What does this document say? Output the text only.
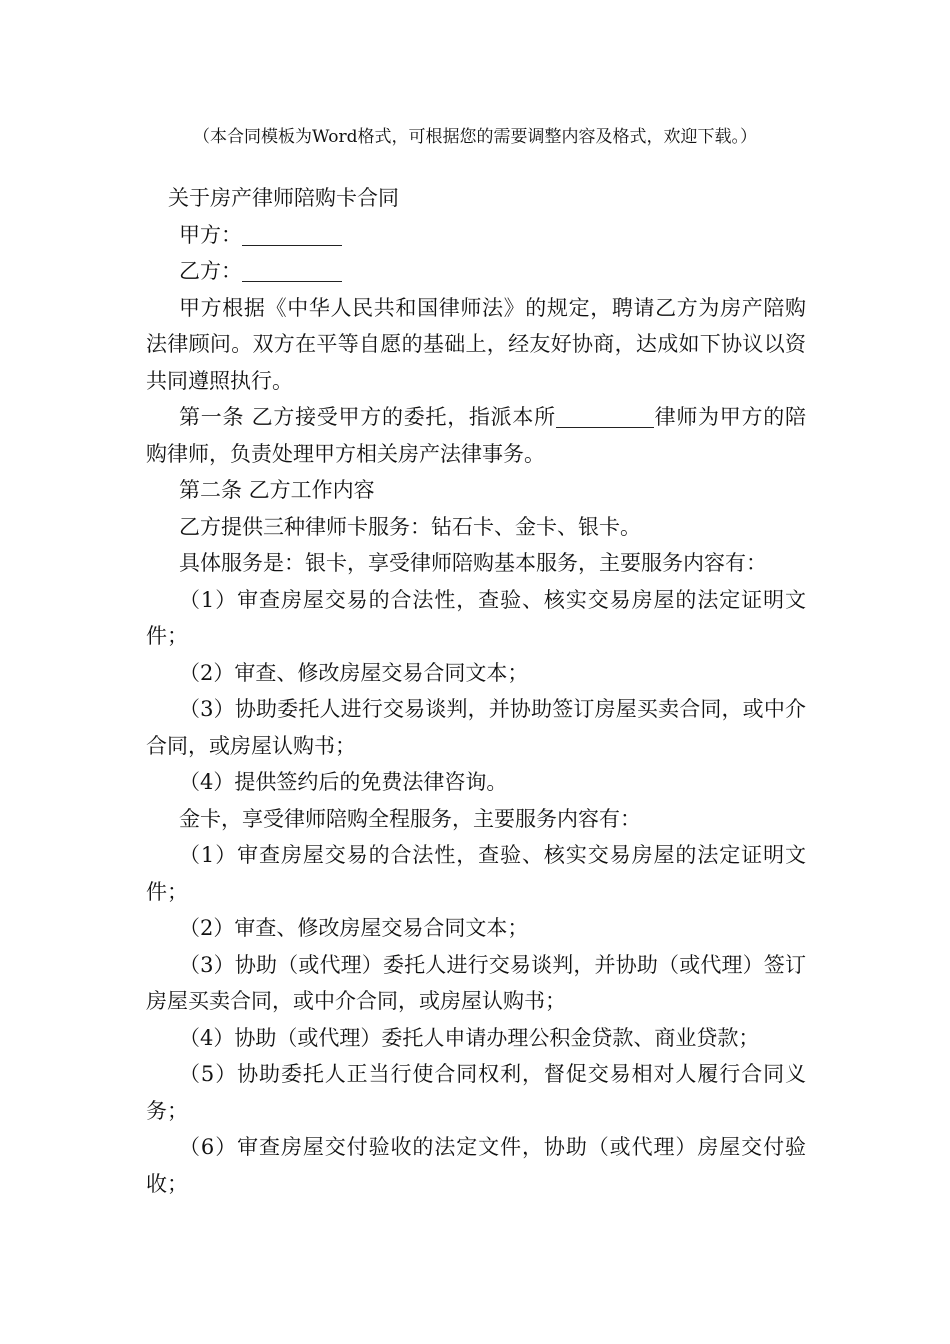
（本合同模板为Word格式，可根据您的需要调整内容及格式，欢迎下载。）

关于房产律师陪购卡合同

甲方：

乙方：

甲方根据《中华人民共和国律师法》的规定，聘请乙方为房产陪购法律顾问。双方在平等自愿的基础上，经友好协商，达成如下协议以资共同遵照执行。

第一条 乙方接受甲方的委托，指派本所	律师为甲方的陪购律师，负责处理甲方相关房产法律事务。

第二条 乙方工作内容

乙方提供三种律师卡服务：钻石卡、金卡、银卡。

具体服务是：银卡，享受律师陪购基本服务，主要服务内容有：

（1）审查房屋交易的合法性，查验、核实交易房屋的法定证明文件；

（2）审查、修改房屋交易合同文本；

（3）协助委托人进行交易谈判，并协助签订房屋买卖合同，或中介合同，或房屋认购书；

（4）提供签约后的免费法律咨询。

金卡，享受律师陪购全程服务，主要服务内容有：

（1）审查房屋交易的合法性，查验、核实交易房屋的法定证明文件；

（2）审查、修改房屋交易合同文本；

（3）协助（或代理）委托人进行交易谈判，并协助（或代理）签订房屋买卖合同，或中介合同，或房屋认购书；

（4）协助（或代理）委托人申请办理公积金贷款、商业贷款；

（5）协助委托人正当行使合同权利，督促交易相对人履行合同义务；

（6）审查房屋交付验收的法定文件，协助（或代理）房屋交付验收；
